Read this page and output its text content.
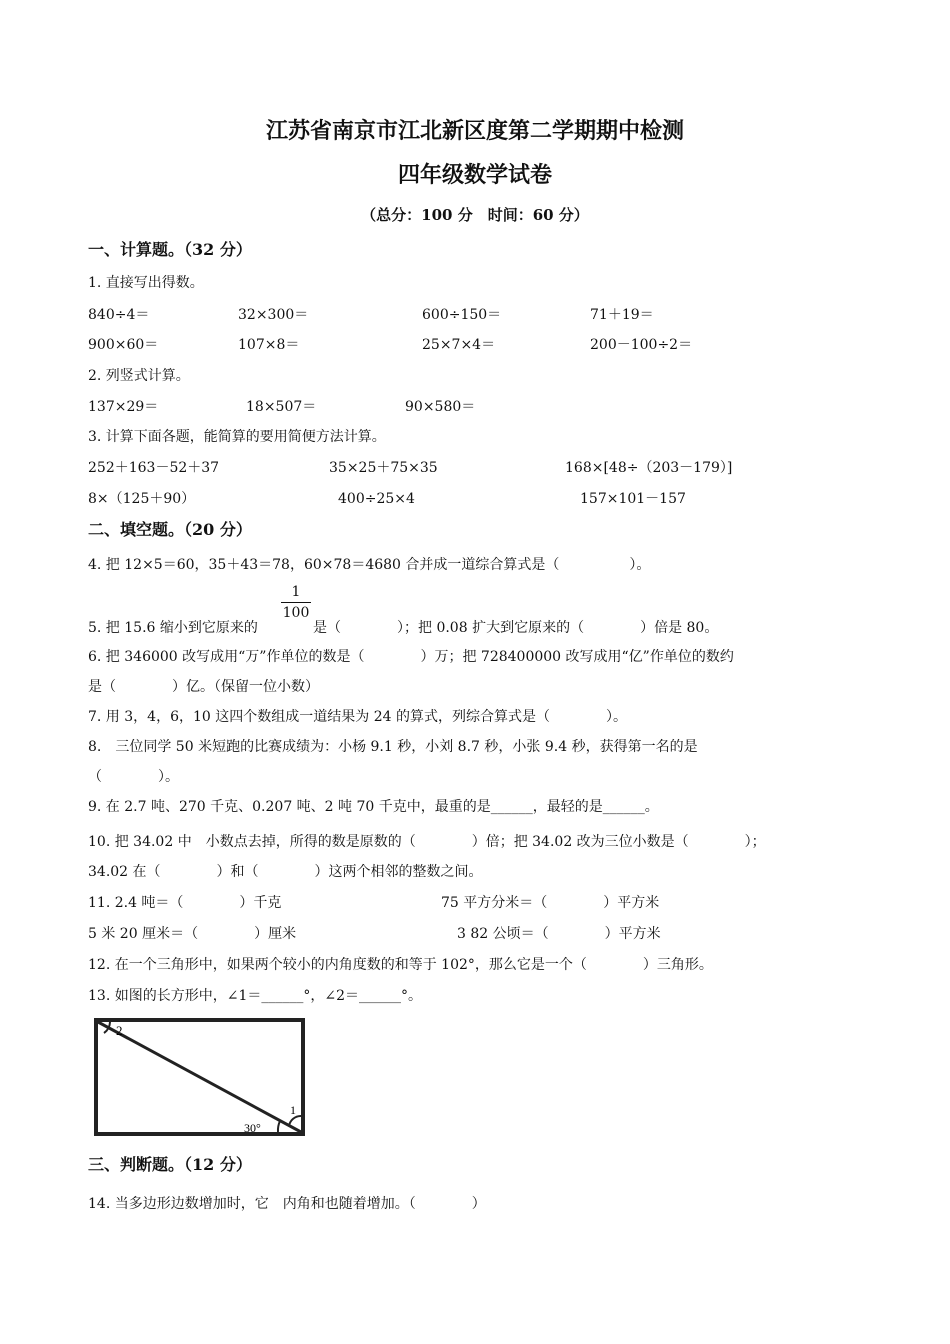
江苏省南京市江北新区度第二学期期中检测
四年级数学试卷
（总分：100 分　时间：60 分）
一、计算题。（32 分）
1. 直接写出得数。
840÷4＝	32×300＝	600÷150＝	71＋19＝
900×60＝	107×8＝	25×7×4＝	200－100÷2＝
2. 列竖式计算。
137×29＝	18×507＝	90×580＝
3. 计算下面各题，能简算的要用简便方法计算。
252＋163－52＋37	35×25＋75×35	168×[48÷（203－179）]
8×（125＋90）	400÷25×4	157×101－157
二、填空题。（20 分）
4. 把 12×5＝60，35＋43＝78，60×78＝4680 合并成一道综合算式是（　　　　　）。
5. 把 15.6 缩小到它原来的
$\frac{1}{100}$
是（　　　　）；把 0.08 扩大到它原来的（　　　　）倍是 80。
6. 把 346000 改写成用“万”作单位的数是（　　　　）万；把 728400000 改写成用“亿”作单位的数约
是（　　　　）亿。（保留一位小数）
7. 用 3，4，6，10 这四个数组成一道结果为 24 的算式，列综合算式是（　　　　）。
8.　三位同学 50 米短跑的比赛成绩为：小杨 9.1 秒，小刘 8.7 秒，小张 9.4 秒，获得第一名的是
（　　　　）。
9. 在 2.7 吨、270 千克、0.207 吨、2 吨 70 千克中，最重的是______，最轻的是______。
10. 把 34.02 中　小数点去掉，所得的数是原数的（　　　　）倍；把 34.02 改为三位小数是（　　　　）；
34.02 在（　　　　）和（　　　　）这两个相邻的整数之间。
11. 2.4 吨＝（　　　　）千克	75 平方分米＝（　　　　）平方米
5 米 20 厘米＝（　　　　）厘米	3 82 公顷＝（　　　　）平方米
12. 在一个三角形中，如果两个较小的内角度数的和等于 102°，那么它是一个（　　　　）三角形。
13. 如图的长方形中，∠1＝______°，∠2＝______°。
2
30°
1
三、判断题。（12 分）
14. 当多边形边数增加时，它　内角和也随着增加。（　　　　）
